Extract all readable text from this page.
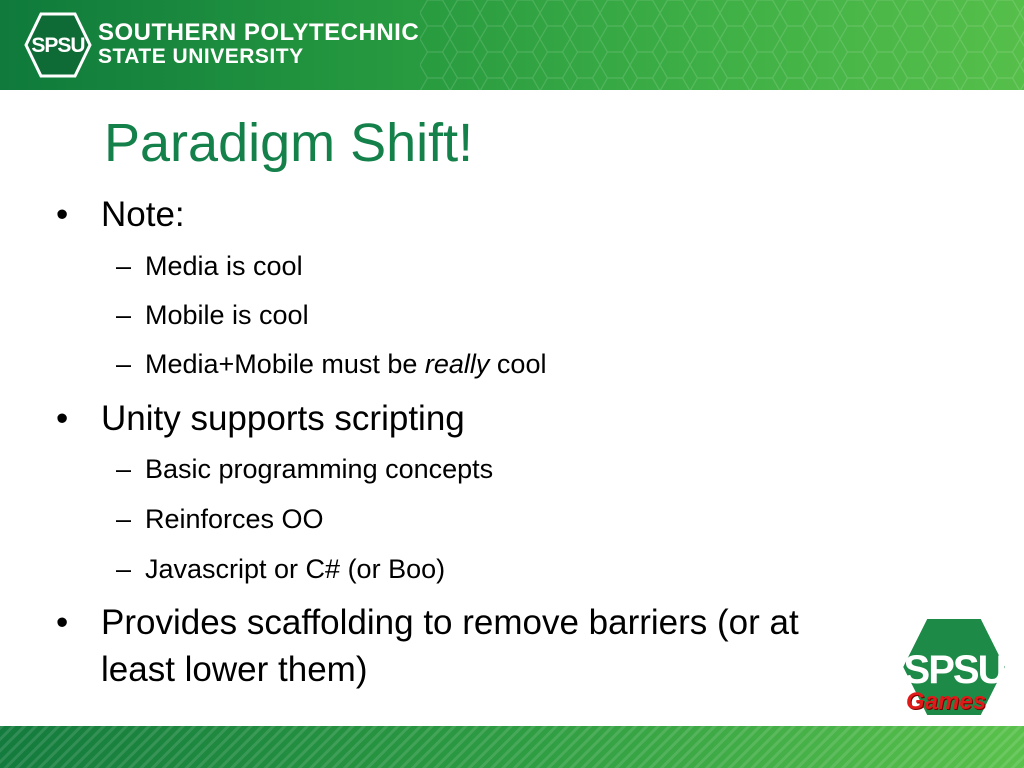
SPSU SOUTHERN POLYTECHNIC
STATE UNIVERSITY
Paradigm Shift!
• Note:
– Media is cool
– Mobile is cool
– Media+Mobile must be really cool
• Unity supports scripting
– Basic programming concepts
– Reinforces OO
– Javascript or C# (or Boo)
• Provides scaffolding to remove barriers (or at
least lower them)	SPSU
Games
